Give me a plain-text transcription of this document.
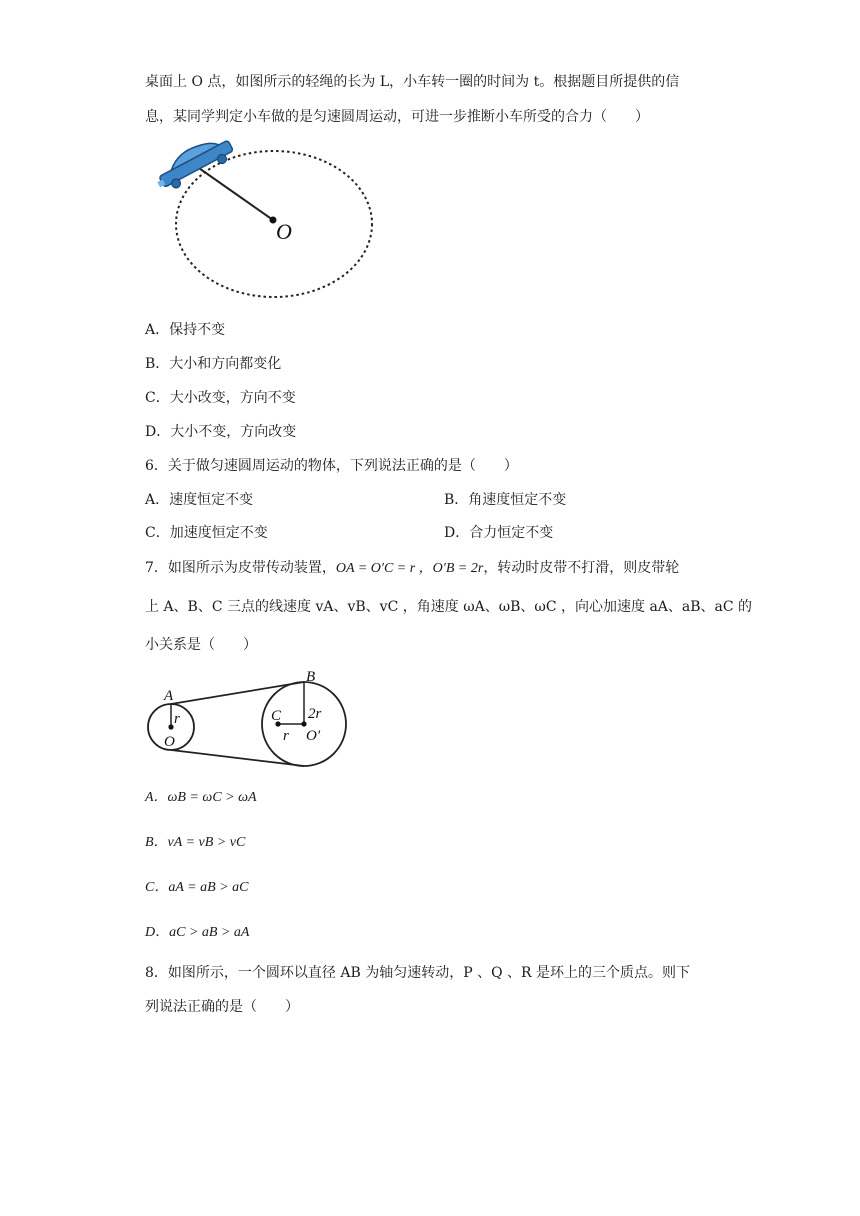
桌面上 O 点，如图所示的轻绳的长为 L，小车转一圈的时间为 t。根据题目所提供的信
息，某同学判定小车做的是匀速圆周运动，可进一步推断小车所受的合力（　　）
O
A．保持不变
B．大小和方向都变化
C．大小改变，方向不变
D．大小不变，方向改变
6．关于做匀速圆周运动的物体，下列说法正确的是（　　）
A．速度恒定不变	B．角速度恒定不变
C．加速度恒定不变	D．合力恒定不变
7．如图所示为皮带传动装置，OA = O′C = r ，O′B = 2r，转动时皮带不打滑，则皮带轮
上 A、B、C 三点的线速度 vA、vB、vC ，角速度 ωA、ωB、ωC ，向心加速度 aA、aB、aC 的
小关系是（　　）
A
r
O
B
C 2r
r O′
A．ωB = ωC > ωA
B．vA = vB > vC
C．aA = aB > aC
D．aC > aB > aA
8．如图所示，一个圆环以直径 AB 为轴匀速转动，P 、Q 、R 是环上的三个质点。则下
列说法正确的是（　　）
